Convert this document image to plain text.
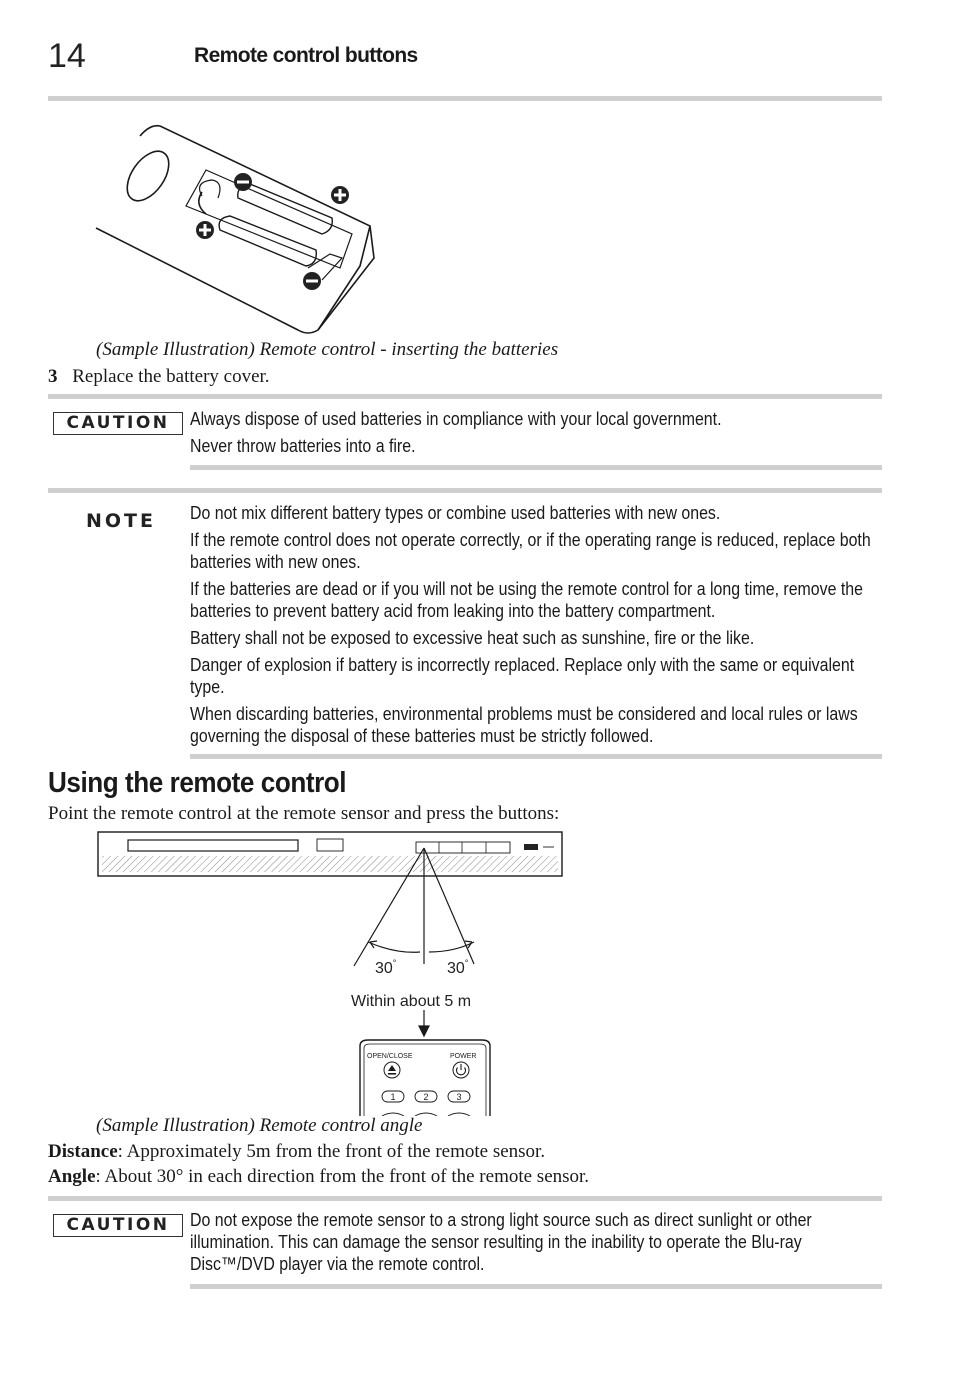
14	Remote control buttons
(Sample Illustration) Remote control - inserting the batteries
3 Replace the battery cover.
CAUTION	Always dispose of used batteries in compliance with your local government.

Never throw batteries into a fire.

NOTE Do not mix different battery types or combine used batteries with new ones.

If the remote control does not operate correctly, or if the operating range is reduced, replace both batteries with new ones.

If the batteries are dead or if you will not be using the remote control for a long time, remove the batteries to prevent battery acid from leaking into the battery compartment.

Battery shall not be exposed to excessive heat such as sunshine, fire or the like.

Danger of explosion if battery is incorrectly replaced. Replace only with the same or equivalent type.

When discarding batteries, environmental problems must be considered and local rules or laws governing the disposal of these batteries must be strictly followed.

Using the remote control
Point the remote control at the remote sensor and press the buttons:
30°	30°
Within about 5 m
OPEN/CLOSE	POWER
1	2	3
(Sample Illustration) Remote control angle
Distance: Approximately 5m from the front of the remote sensor.
Angle: About 30° in each direction from the front of the remote sensor.
CAUTION	Do not expose the remote sensor to a strong light source such as direct sunlight or other illumination. This can damage the sensor resulting in the inability to operate the Blu-ray Disc™/DVD player via the remote control.
